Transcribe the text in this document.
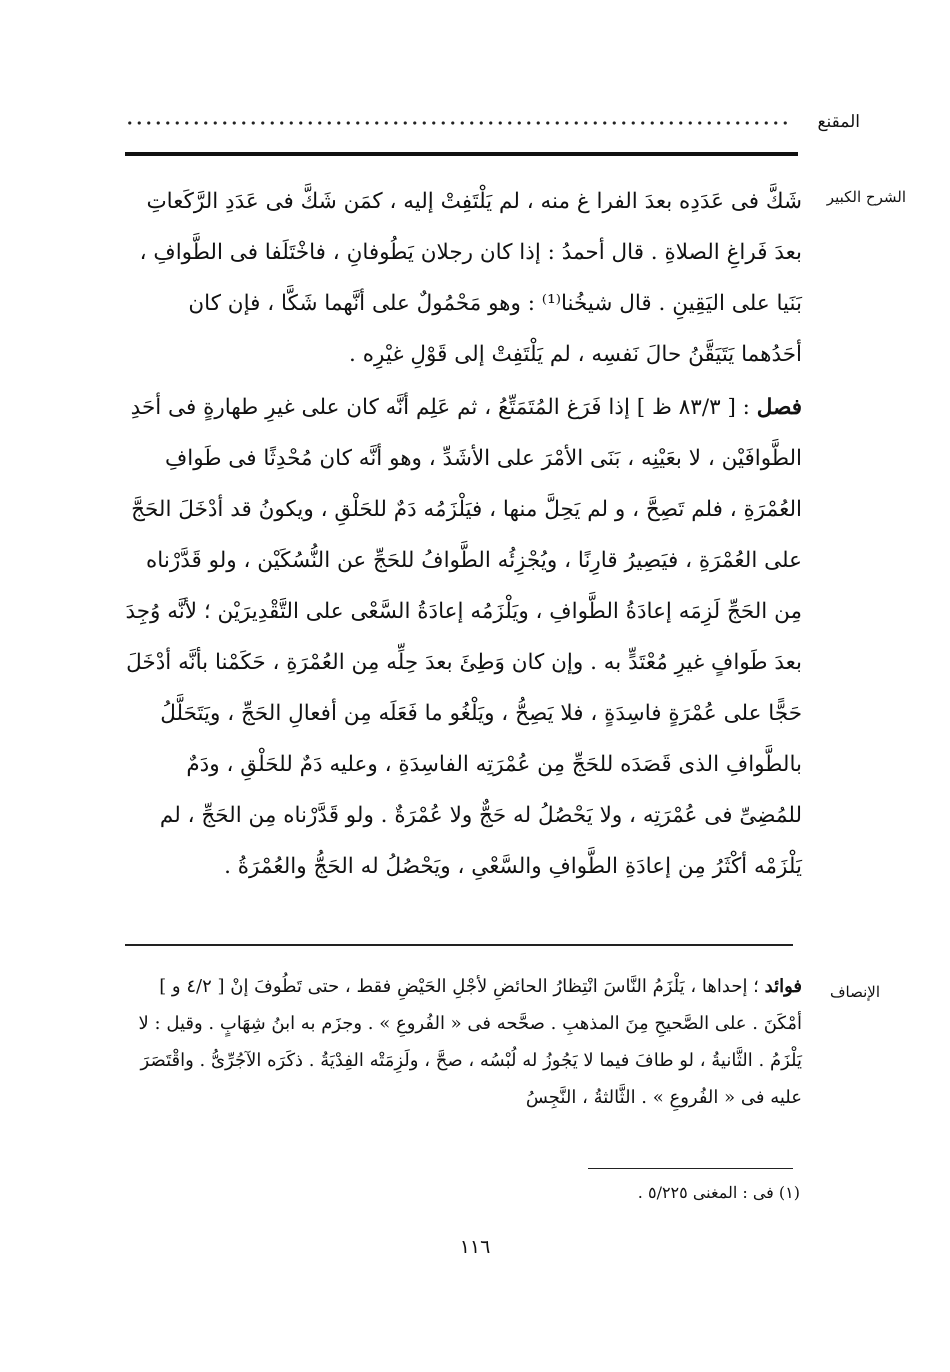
المقنع
الشرح الكبير

شَكَّ فى عَدَدِه بعدَ الفرا غ منه ، لم يَلْتَفِتْ إليه ، كمَن شَكَّ فى عَدَدِ الرَّكَعاتِ بعدَ فَراغِ الصلاةِ . قال أحمدُ : إذا كان رجلان يَطُوفانِ ، فاخْتَلَفا فى الطَّوافِ ، بَنَيا على اليَقِينِ . قال شيخُنا⁽¹⁾ : وهو مَحْمُولٌ على أنَّهما شَكَّا ، فإن كان أحَدُهما يَتَيَقَّنُ حالَ نَفسِه ، لم يَلْتَفِتْ إلى قَوْلِ غيْرِه .

فصل : [ ٨٣/٣ ظ ] إذا فَرَغ المُتَمَتِّعُ ، ثم عَلِم أنَّه كان على غيرِ طهارةٍ فى أحَدِ الطَّوافَيْن ، لا بعَيْنِه ، بَنَى الأمْرَ على الأشَدِّ ، وهو أنَّه كان مُحْدِثًا فى طَوافِ العُمْرَةِ ، فلم تَصِحَّ ، و لم يَحِلَّ منها ، فيَلْزَمُه دَمٌ للحَلْقِ ، ويكونُ قد أدْخَلَ الحَجَّ على العُمْرَةِ ، فيَصِيرُ قارِنًا ، ويُجْزِئُه الطَّوافُ للحَجِّ عن النُّسُكَيْن ، ولو قَدَّرْناه مِن الحَجِّ لَزِمَه إعادَةُ الطَّوافِ ، ويَلْزَمُه إعادَةُ السَّعْى على التَّقْدِيرَيْن ؛ لأنَّه وُجِدَ بعدَ طَوافٍ غيرِ مُعْتَدٍّ به . وإن كان وَطِئَ بعدَ حِلِّه مِن العُمْرَةِ ، حَكَمْنا بأنَّه أدْخَلَ حَجًّا على عُمْرَةٍ فاسِدَةٍ ، فلا يَصِحُّ ، ويَلْغُو ما فَعَلَه مِن أفعالِ الحَجِّ ، ويَتَحَلَّلُ بالطَّوافِ الذى قَصَدَه للحَجِّ مِن عُمْرَتِه الفاسِدَةِ ، وعليه دَمٌ للحَلْقِ ، ودَمٌ للمُضِىِّ فى عُمْرَتِه ، ولا يَحْصُلُ له حَجٌّ ولا عُمْرَةٌ . ولو قَدَّرْناه مِن الحَجِّ ، لم يَلْزَمْه أكْثَرُ مِن إعادَةِ الطَّوافِ والسَّعْىِ ، ويَحْصُلُ له الحَجُّ والعُمْرَةُ .

الإنصاف

فوائد ؛ إحداها ، يَلْزَمُ النَّاسَ انْتِظارُ الحائضِ لأجْلِ الحَيْضِ فقط ، حتى تَطُوفَ إنْ [ ٤/٢ و ] أمْكَنَ . على الصَّحيحِ مِنَ المذهبِ . صحَّحه فى « الفُروعِ » . وجزَم به ابنُ شِهَابٍ . وقيل : لا يَلْزَمُ . الثَّانيةُ ، لو طافَ فيما لا يَجُوزُ له لُبْسُه ، صحَّ ، ولَزِمَتْه الفِدْيَةُ . ذكَرَه الآجُرِّىُّ . واقْتَصَرَ عليه فى « الفُروعِ » . الثَّالثةُ ، النَّجِسُ

(١) فى : المغنى ٥/٢٢٥ .
١١٦
